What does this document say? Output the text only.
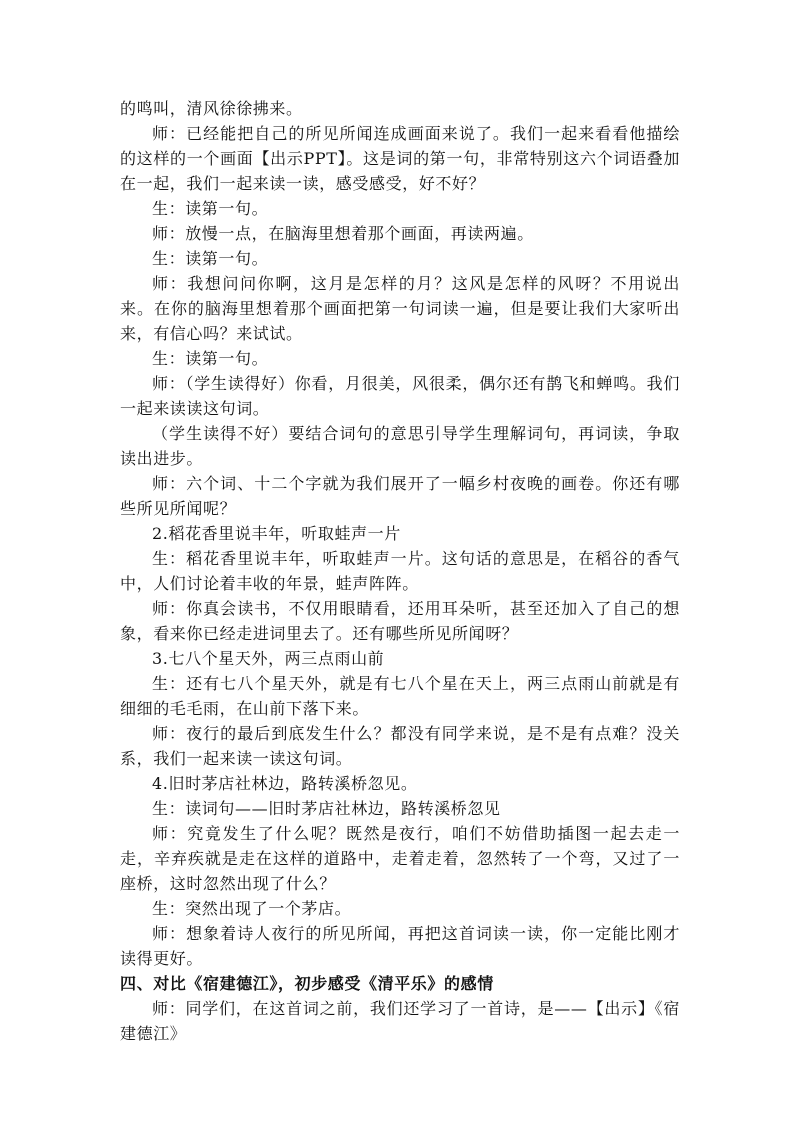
的鸣叫，清风徐徐拂来。

师：已经能把自己的所见所闻连成画面来说了。我们一起来看看他描绘的这样的一个画面【出示PPT】。这是词的第一句，非常特别这六个词语叠加在一起，我们一起来读一读，感受感受，好不好？

生：读第一句。

师：放慢一点，在脑海里想着那个画面，再读两遍。

生：读第一句。

师：我想问问你啊，这月是怎样的月？这风是怎样的风呀？不用说出来。在你的脑海里想着那个画面把第一句词读一遍，但是要让我们大家听出来，有信心吗？来试试。

生：读第一句。

师：（学生读得好）你看，月很美，风很柔，偶尔还有鹊飞和蝉鸣。我们一起来读读这句词。

（学生读得不好）要结合词句的意思引导学生理解词句，再词读，争取读出进步。

师：六个词、十二个字就为我们展开了一幅乡村夜晚的画卷。你还有哪些所见所闻呢？

2.稻花香里说丰年，听取蛙声一片

生：稻花香里说丰年，听取蛙声一片。这句话的意思是，在稻谷的香气中，人们讨论着丰收的年景，蛙声阵阵。

师：你真会读书，不仅用眼睛看，还用耳朵听，甚至还加入了自己的想象，看来你已经走进词里去了。还有哪些所见所闻呀？

3.七八个星天外，两三点雨山前

生：还有七八个星天外，就是有七八个星在天上，两三点雨山前就是有细细的毛毛雨，在山前下落下来。

师：夜行的最后到底发生什么？都没有同学来说，是不是有点难？没关系，我们一起来读一读这句词。

4.旧时茅店社林边，路转溪桥忽见。

生：读词句——旧时茅店社林边，路转溪桥忽见

师：究竟发生了什么呢？既然是夜行，咱们不妨借助插图一起去走一走，辛弃疾就是走在这样的道路中，走着走着，忽然转了一个弯，又过了一座桥，这时忽然出现了什么？

生：突然出现了一个茅店。

师：想象着诗人夜行的所见所闻，再把这首词读一读，你一定能比刚才读得更好。

四、对比《宿建德江》，初步感受《清平乐》的感情

师：同学们，在这首词之前，我们还学习了一首诗，是——【出示】《宿建德江》
